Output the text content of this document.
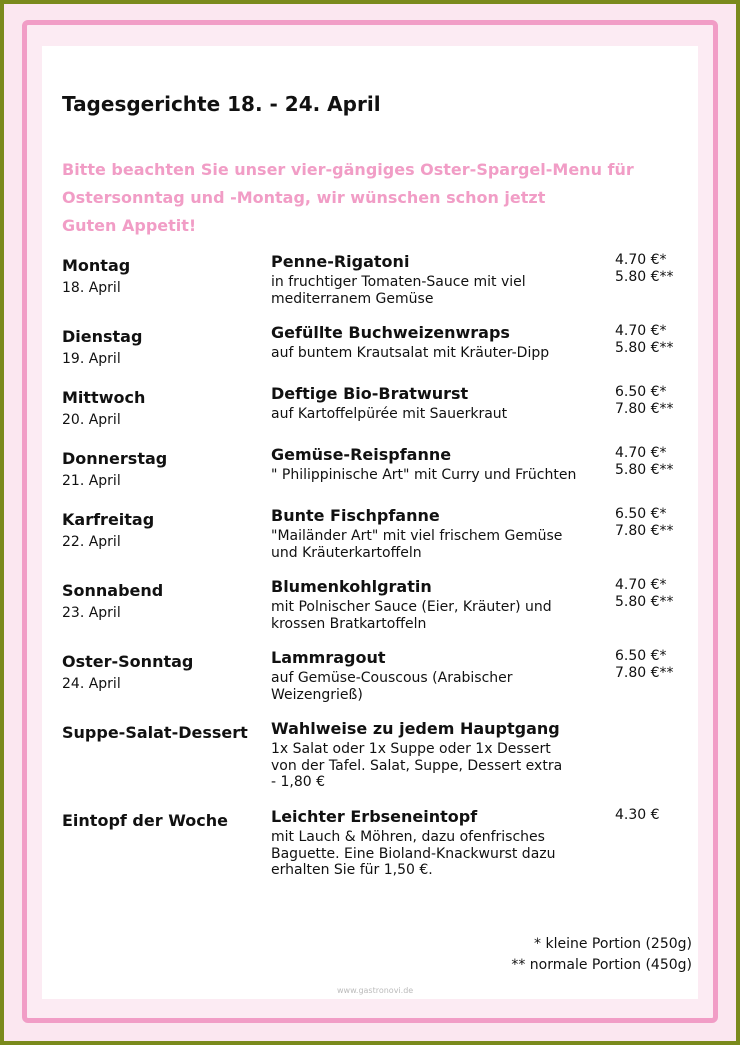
Tagesgerichte 18. - 24. April
Bitte beachten Sie unser vier-gängiges Oster-Spargel-Menu für
Ostersonntag und -Montag, wir wünschen schon jetzt
Guten Appetit!
Montag
18. April
Penne-Rigatoni
in fruchtiger Tomaten-Sauce mit viel
mediterranem Gemüse
4.70 €*
5.80 €**
Dienstag
19. April
Gefüllte Buchweizenwraps
auf buntem Krautsalat mit Kräuter-Dipp
4.70 €*
5.80 €**
Mittwoch
20. April
Deftige Bio-Bratwurst
auf Kartoffelpürée mit Sauerkraut
6.50 €*
7.80 €**
Donnerstag
21. April
Gemüse-Reispfanne
" Philippinische Art" mit Curry und Früchten
4.70 €*
5.80 €**
Karfreitag
22. April
Bunte Fischpfanne
"Mailänder Art" mit viel frischem Gemüse
und Kräuterkartoffeln
6.50 €*
7.80 €**
Sonnabend
23. April
Blumenkohlgratin
mit Polnischer Sauce (Eier, Kräuter) und
krossen Bratkartoffeln
4.70 €*
5.80 €**
Oster-Sonntag
24. April
Lammragout
auf Gemüse-Couscous (Arabischer
Weizengrieß)
6.50 €*
7.80 €**
Suppe-Salat-Dessert Wahlweise zu jedem Hauptgang
1x Salat oder 1x Suppe oder 1x Dessert
von der Tafel. Salat, Suppe, Dessert extra
- 1,80 €
Eintopf der Woche	Leichter Erbseneintopf
mit Lauch & Möhren, dazu ofenfrisches
Baguette. Eine Bioland-Knackwurst dazu
erhalten Sie für 1,50 €.
4.30 €
* kleine Portion (250g)
** normale Portion (450g)
www.gastronovi.de
